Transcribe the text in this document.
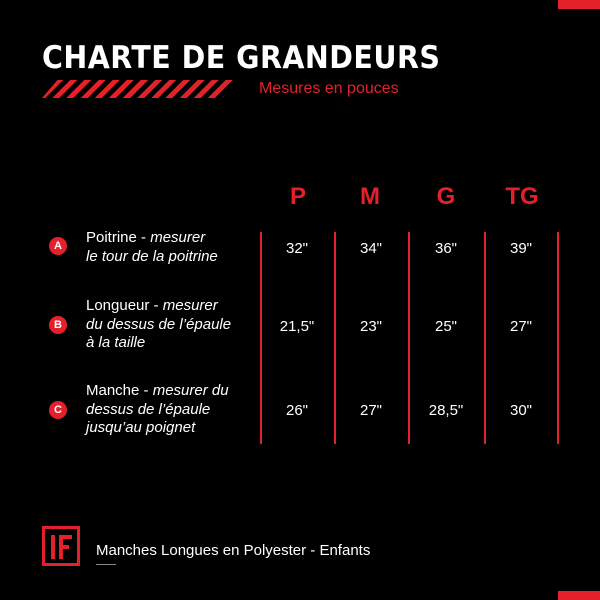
CHARTE DE GRANDEURS
Mesures en pouces
P	M	G	TG
A	Poitrine - mesurer
le tour de la poitrine	32"	34"	36"	39"
B
Longueur - mesurer
du dessus de l’épaule
à la taille
21,5"	23"	25"	27"
C
Manche - mesurer du
dessus de l’épaule
jusqu’au poignet
26"	27"	28,5"	30"
Manches Longues en Polyester - Enfants
